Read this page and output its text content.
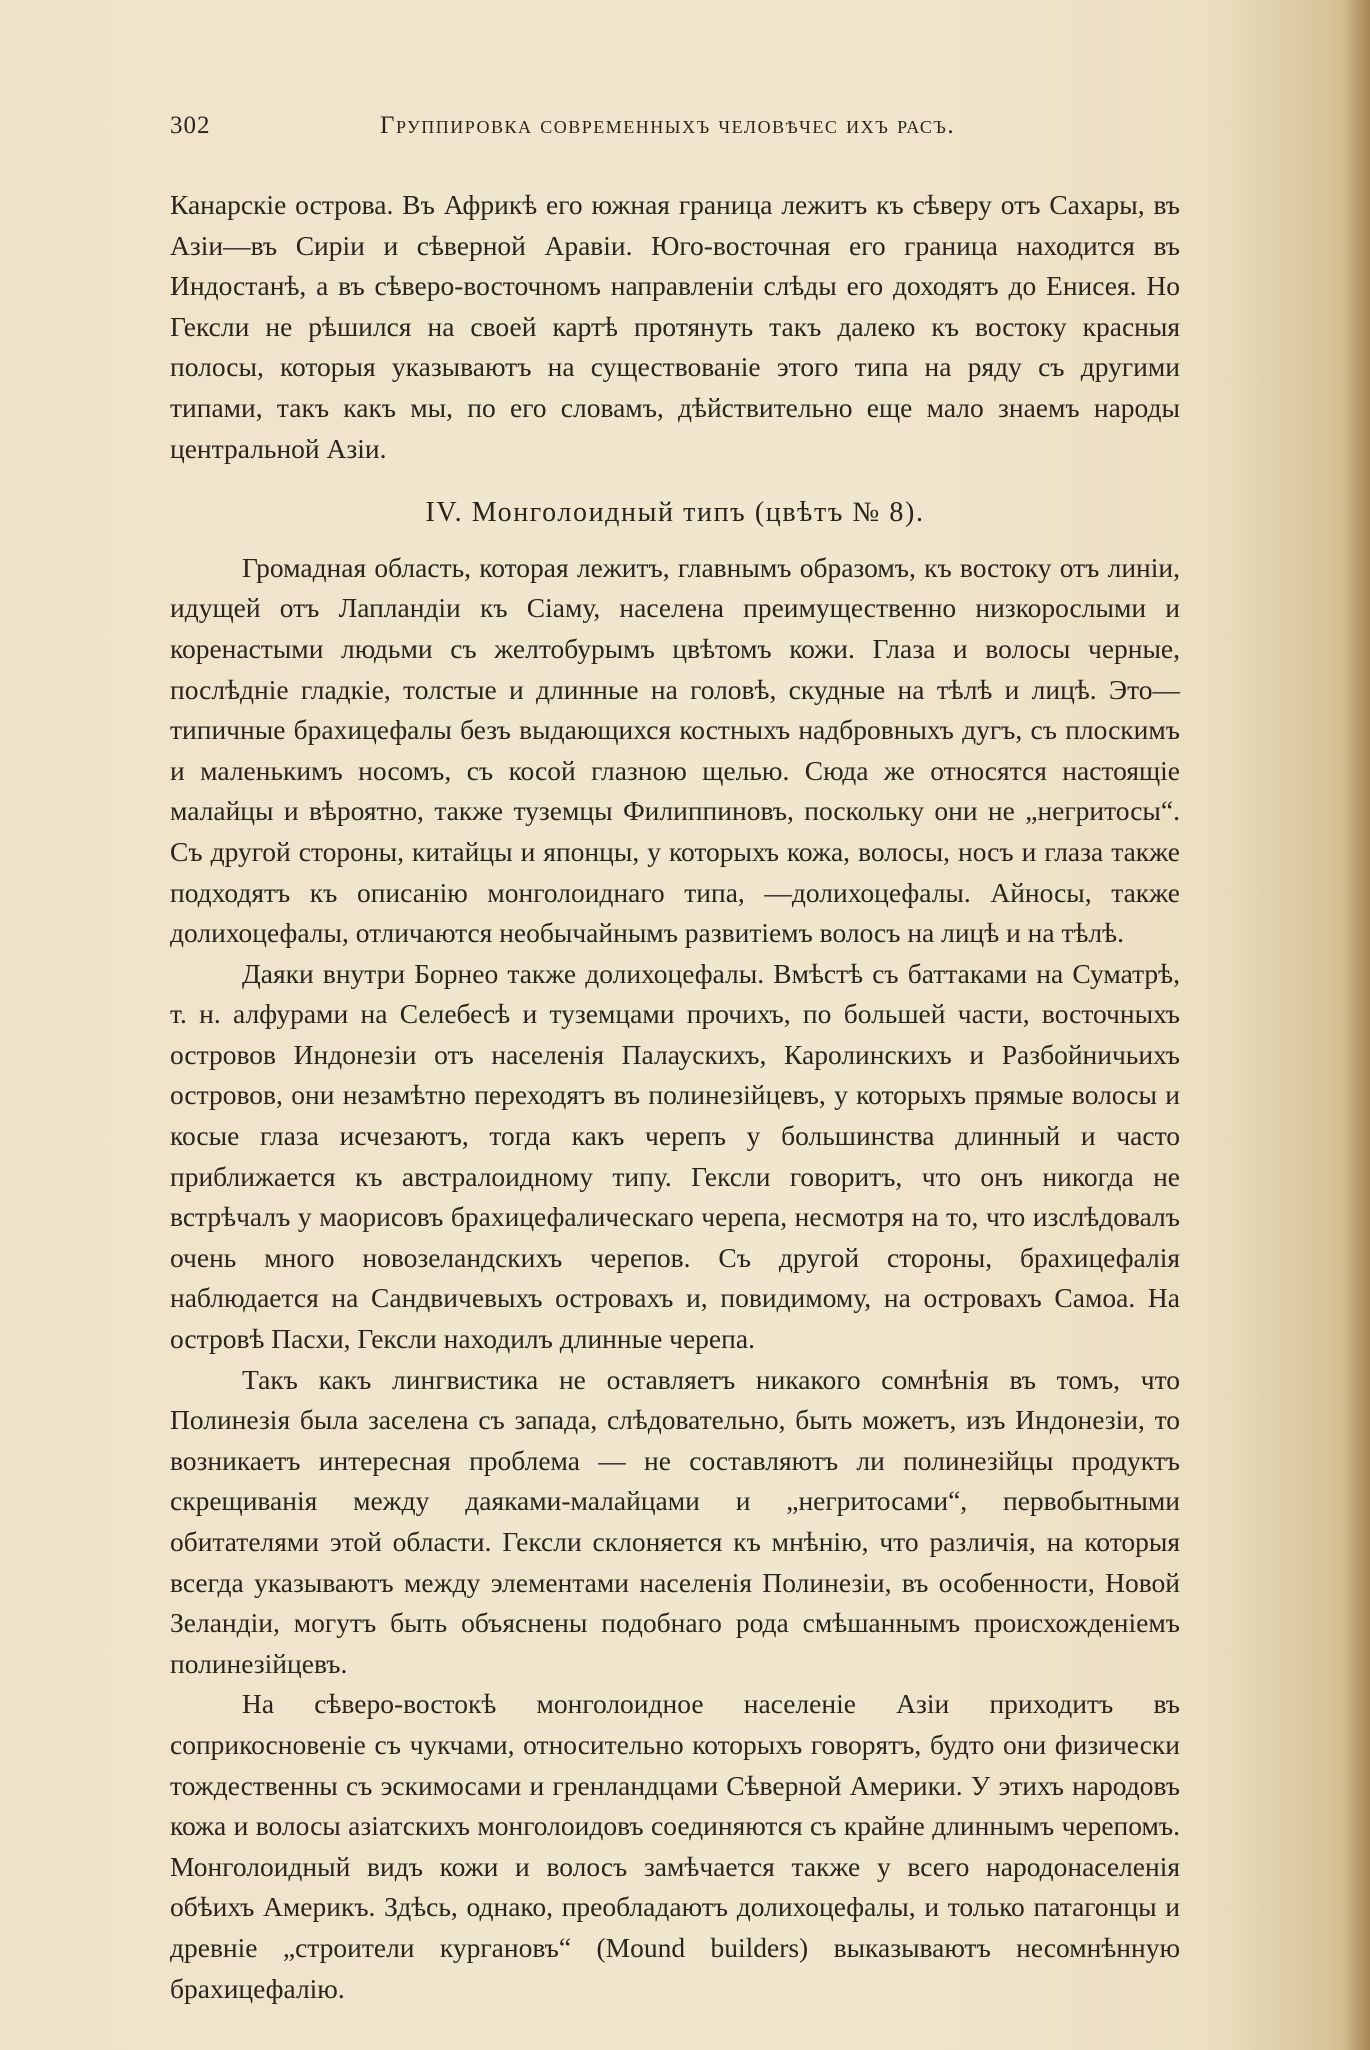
302	Группировка современныхъ человѣчес ихъ расъ.

Канарскіе острова. Въ Африкѣ его южная граница лежитъ къ сѣверу отъ Сахары, въ Азіи—въ Сиріи и сѣверной Аравіи. Юго-восточная его граница находится въ Индостанѣ, а въ сѣверо-восточномъ направленіи слѣды его доходятъ до Енисея. Но Гексли не рѣшился на своей картѣ протянуть такъ далеко къ востоку красныя полосы, которыя указываютъ на существованіе этого типа на ряду съ другими типами, такъ какъ мы, по его словамъ, дѣйствительно еще мало знаемъ народы центральной Азіи.

IV. Монголоидный типъ (цвѣтъ № 8).

Громадная область, которая лежитъ, главнымъ образомъ, къ востоку отъ линіи, идущей отъ Лапландіи къ Сіаму, населена преимущественно низкорослыми и коренастыми людьми съ желтобурымъ цвѣтомъ кожи. Глаза и волосы черные, послѣдніе гладкіе, толстые и длинные на головѣ, скудные на тѣлѣ и лицѣ. Это—типичные брахицефалы безъ выдающихся костныхъ надбровныхъ дугъ, съ плоскимъ и маленькимъ носомъ, съ косой глазною щелью. Сюда же относятся настоящіе малайцы и вѣроятно, также туземцы Филиппиновъ, поскольку они не „негритосы“. Съ другой стороны, китайцы и японцы, у которыхъ кожа, волосы, носъ и глаза также подходятъ къ описанію монголоиднаго типа, —долихоцефалы. Айносы, также долихоцефалы, отличаются необычайнымъ развитіемъ волосъ на лицѣ и на тѣлѣ.

Даяки внутри Борнео также долихоцефалы. Вмѣстѣ съ баттаками на Суматрѣ, т. н. алфурами на Селебесѣ и туземцами прочихъ, по большей части, восточныхъ островов Индонезіи отъ населенія Палаускихъ, Каролинскихъ и Разбойничьихъ островов, они незамѣтно переходятъ въ полинезійцевъ, у которыхъ прямые волосы и косые глаза исчезаютъ, тогда какъ черепъ у большинства длинный и часто приближается къ австралоидному типу. Гексли говоритъ, что онъ никогда не встрѣчалъ у маорисовъ брахицефалическаго черепа, несмотря на то, что изслѣдовалъ очень много новозеландскихъ черепов. Съ другой стороны, брахицефалія наблюдается на Сандвичевыхъ островахъ и, повидимому, на островахъ Самоа. На островѣ Пасхи, Гексли находилъ длинные черепа.

Такъ какъ лингвистика не оставляетъ никакого сомнѣнія въ томъ, что Полинезія была заселена съ запада, слѣдовательно, быть можетъ, изъ Индонезіи, то возникаетъ интересная проблема — не составляютъ ли полинезійцы продуктъ скрещиванія между даяками-малайцами и „негритосами“, первобытными обитателями этой области. Гексли склоняется къ мнѣнію, что различія, на которыя всегда указываютъ между элементами населенія Полинезіи, въ особенности, Новой Зеландіи, могутъ быть объяснены подобнаго рода смѣшаннымъ происхожденіемъ полинезійцевъ.

На сѣверо-востокѣ монголоидное населеніе Азіи приходитъ въ соприкосновеніе съ чукчами, относительно которыхъ говорятъ, будто они физически тождественны съ эскимосами и гренландцами Сѣверной Америки. У этихъ народовъ кожа и волосы азіатскихъ монголоидовъ соединяются съ крайне длиннымъ черепомъ. Монголоидный видъ кожи и волосъ замѣчается также у всего народонаселенія обѣихъ Америкъ. Здѣсь, однако, преобладаютъ долихоцефалы, и только патагонцы и древніе „строители кургановъ“ (Mound builders) выказываютъ несомнѣнную брахицефалію.
